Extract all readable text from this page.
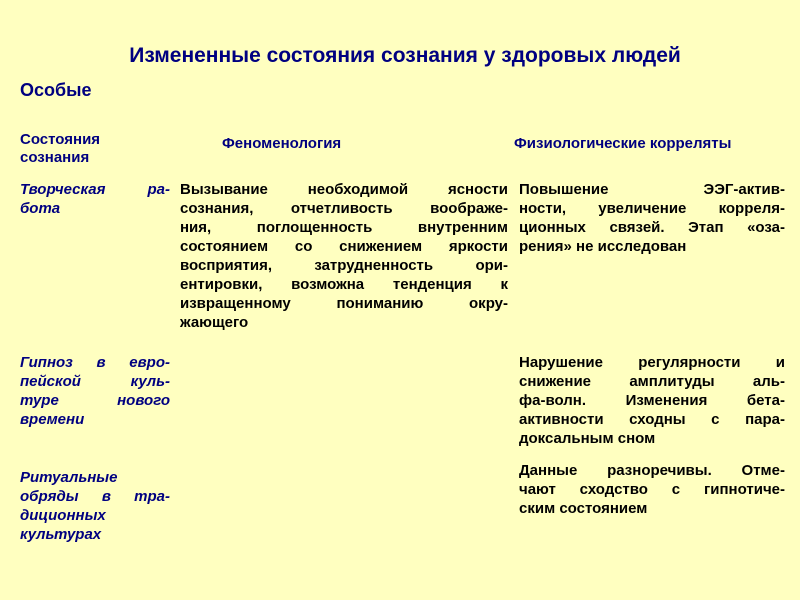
Измененные состояния сознания у здоровых людей
Особые
Состояния
сознания
Феноменология	Физиологические корреляты
Творческая ра-
бота
Вызывание необходимой ясности
сознания, отчетливость воображе-
ния, поглощенность внутренним
состоянием со снижением яркости
восприятия, затрудненность ори-
ентировки, возможна тенденция к
извращенному пониманию окру-
жающего
Повышение ЭЭГ-актив-
ности, увеличение корреля-
ционных связей. Этап «оза-
рения» не исследован
Гипноз в евро-
пейской куль-
туре нового
времени
Нарушение регулярности и
снижение амплитуды аль-
фа-волн. Изменения бета-
активности сходны с пара-
доксальным сном
Ритуальные
обряды в тра-
диционных
культурах
Данные разноречивы. Отме-
чают сходство с гипнотиче-
ским состоянием
